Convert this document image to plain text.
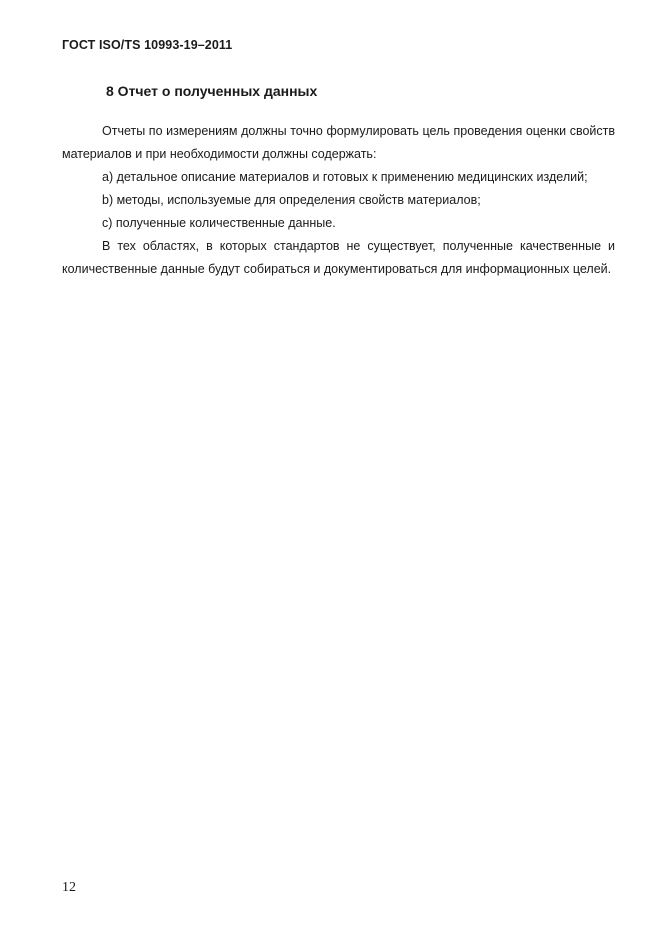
ГОСТ ISO/TS 10993-19–2011
8 Отчет о полученных данных

Отчеты по измерениям должны точно формулировать цель проведения оценки свойств материалов и при необходимости должны содержать:

a) детальное описание материалов и готовых к применению медицинских изделий;

b) методы, используемые для определения свойств материалов;

c) полученные количественные данные.

В тех областях, в которых стандартов не существует, полученные качественные и количественные данные будут собираться и документироваться для информационных целей.

12
